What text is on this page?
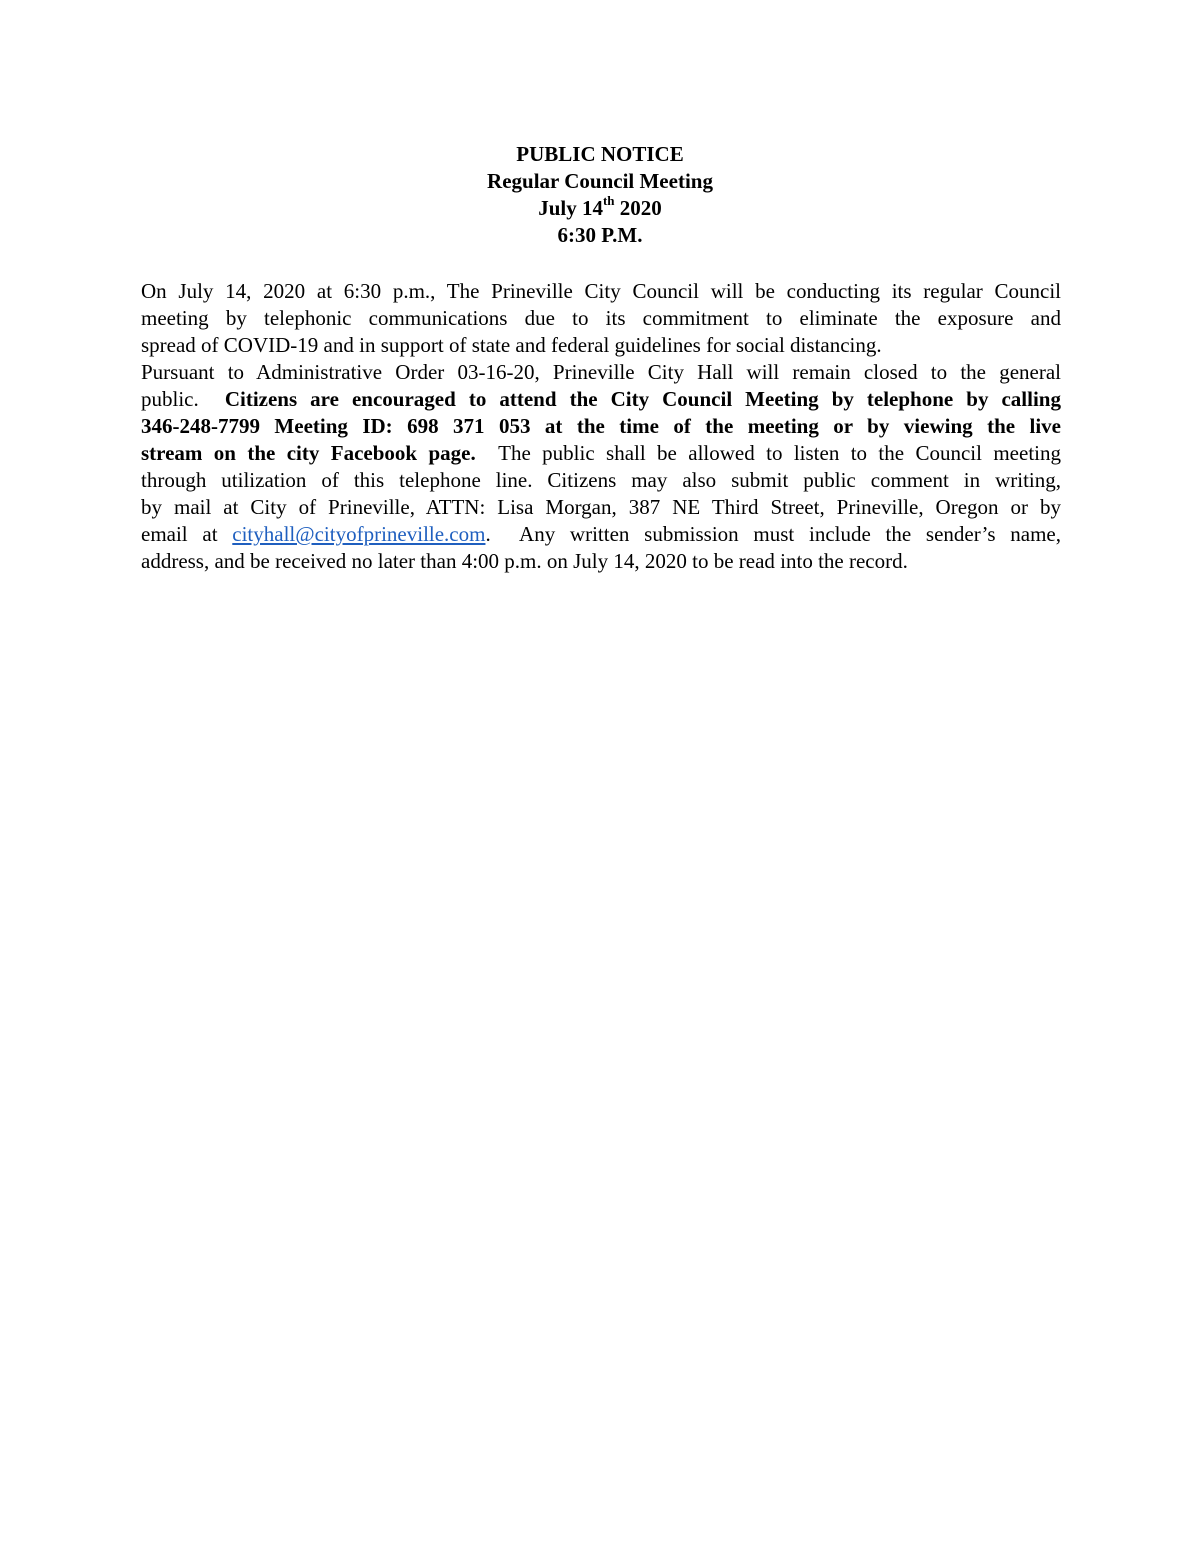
PUBLIC NOTICE
Regular Council Meeting
July 14th 2020
6:30 P.M.
On July 14, 2020 at 6:30 p.m., The Prineville City Council will be conducting its regular Council
meeting by telephonic communications due to its commitment to eliminate the exposure and
spread of COVID-19 and in support of state and federal guidelines for social distancing.
Pursuant to Administrative Order 03-16-20, Prineville City Hall will remain closed to the general
public.  Citizens are encouraged to attend the City Council Meeting by telephone by calling
346-248-7799 Meeting ID: 698 371 053 at the time of the meeting or by viewing the live
stream on the city Facebook page.  The public shall be allowed to listen to the Council meeting
through utilization of this telephone line. Citizens may also submit public comment in writing,
by mail at City of Prineville, ATTN: Lisa Morgan, 387 NE Third Street, Prineville, Oregon or by
email at cityhall@cityofprineville.com.  Any written submission must include the sender’s name,
address, and be received no later than 4:00 p.m. on July 14, 2020 to be read into the record.
